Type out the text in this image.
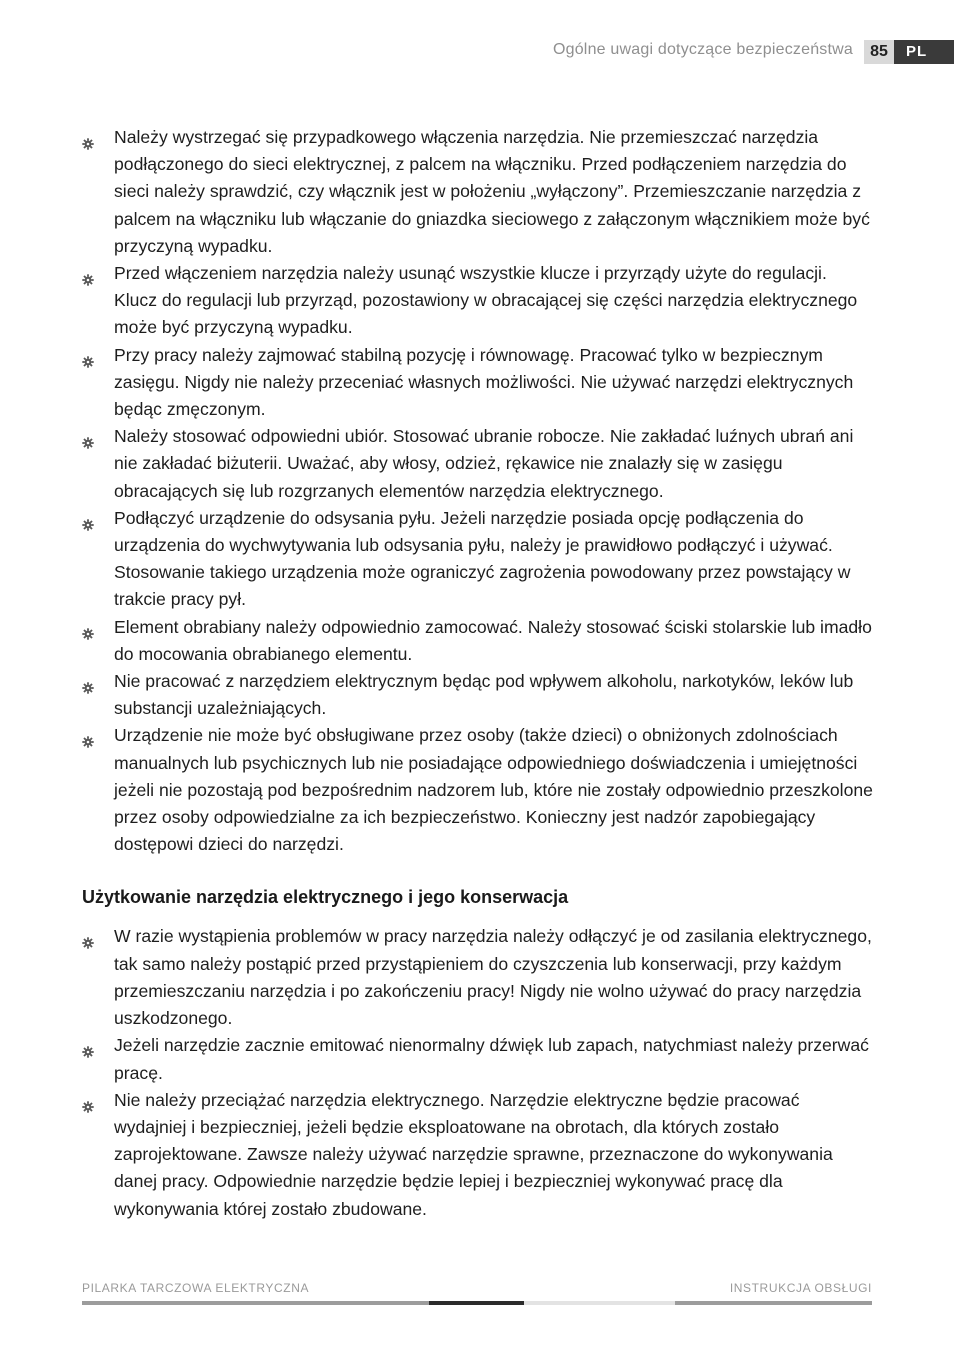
Ogólne uwagi dotyczące bezpieczeństwa	85	PL
Należy wystrzegać się przypadkowego włączenia narzędzia. Nie przemieszczać narzędzia podłączonego do sieci elektrycznej, z palcem na włączniku. Przed podłączeniem narzędzia do sieci należy sprawdzić, czy włącznik jest w położeniu „wyłączony”. Przemieszczanie narzędzia z palcem na włączniku lub włączanie do gniazdka sieciowego z załączonym włącznikiem może być przyczyną wypadku.
Przed włączeniem narzędzia należy usunąć wszystkie klucze i przyrządy użyte do regulacji. Klucz do regulacji lub przyrząd, pozostawiony w obracającej się części narzędzia elektrycznego może być przyczyną wypadku.
Przy pracy należy zajmować stabilną pozycję i równowagę. Pracować tylko w bezpiecznym zasięgu. Nigdy nie należy przeceniać własnych możliwości. Nie używać narzędzi elektrycznych będąc zmęczonym.
Należy stosować odpowiedni ubiór. Stosować ubranie robocze. Nie zakładać luźnych ubrań ani nie zakładać biżuterii. Uważać, aby włosy, odzież, rękawice nie znalazły się w zasięgu obracających się lub rozgrzanych elementów narzędzia elektrycznego.
Podłączyć urządzenie do odsysania pyłu. Jeżeli narzędzie posiada opcję podłączenia do urządzenia do wychwytywania lub odsysania pyłu, należy je prawidłowo podłączyć i używać. Stosowanie takiego urządzenia może ograniczyć zagrożenia powodowany przez powstający w trakcie pracy pył.
Element obrabiany należy odpowiednio zamocować. Należy stosować ściski stolarskie lub imadło do mocowania obrabianego elementu.
Nie pracować z narzędziem elektrycznym będąc pod wpływem alkoholu, narkotyków, leków lub substancji uzależniających.
Urządzenie nie może być obsługiwane przez osoby (także dzieci) o obniżonych zdolnościach manualnych lub psychicznych lub nie posiadające odpowiedniego doświadczenia i umiejętności jeżeli nie pozostają pod bezpośrednim nadzorem lub, które nie zostały odpowiednio przeszkolone przez osoby odpowiedzialne za ich bezpieczeństwo. Konieczny jest nadzór zapobiegający dostępowi dzieci do narzędzi.
Użytkowanie narzędzia elektrycznego i jego konserwacja
W razie wystąpienia problemów w pracy narzędzia należy odłączyć je od zasilania elektrycznego, tak samo należy postąpić przed przystąpieniem do czyszczenia lub konserwacji, przy każdym przemieszczaniu narzędzia i po zakończeniu pracy! Nigdy nie wolno używać do pracy narzędzia uszkodzonego.
Jeżeli narzędzie zacznie emitować nienormalny dźwięk lub zapach, natychmiast należy przerwać pracę.
Nie należy przeciążać narzędzia elektrycznego. Narzędzie elektryczne będzie pracować wydajniej i bezpieczniej, jeżeli będzie eksploatowane na obrotach, dla których zostało zaprojektowane. Zawsze należy używać narzędzie sprawne, przeznaczone do wykonywania danej pracy. Odpowiednie narzędzie będzie lepiej i bezpieczniej wykonywać pracę dla wykonywania której zostało zbudowane.
PILARKA TARCZOWA ELEKTRYCZNA	INSTRUKCJA OBSŁUGI
